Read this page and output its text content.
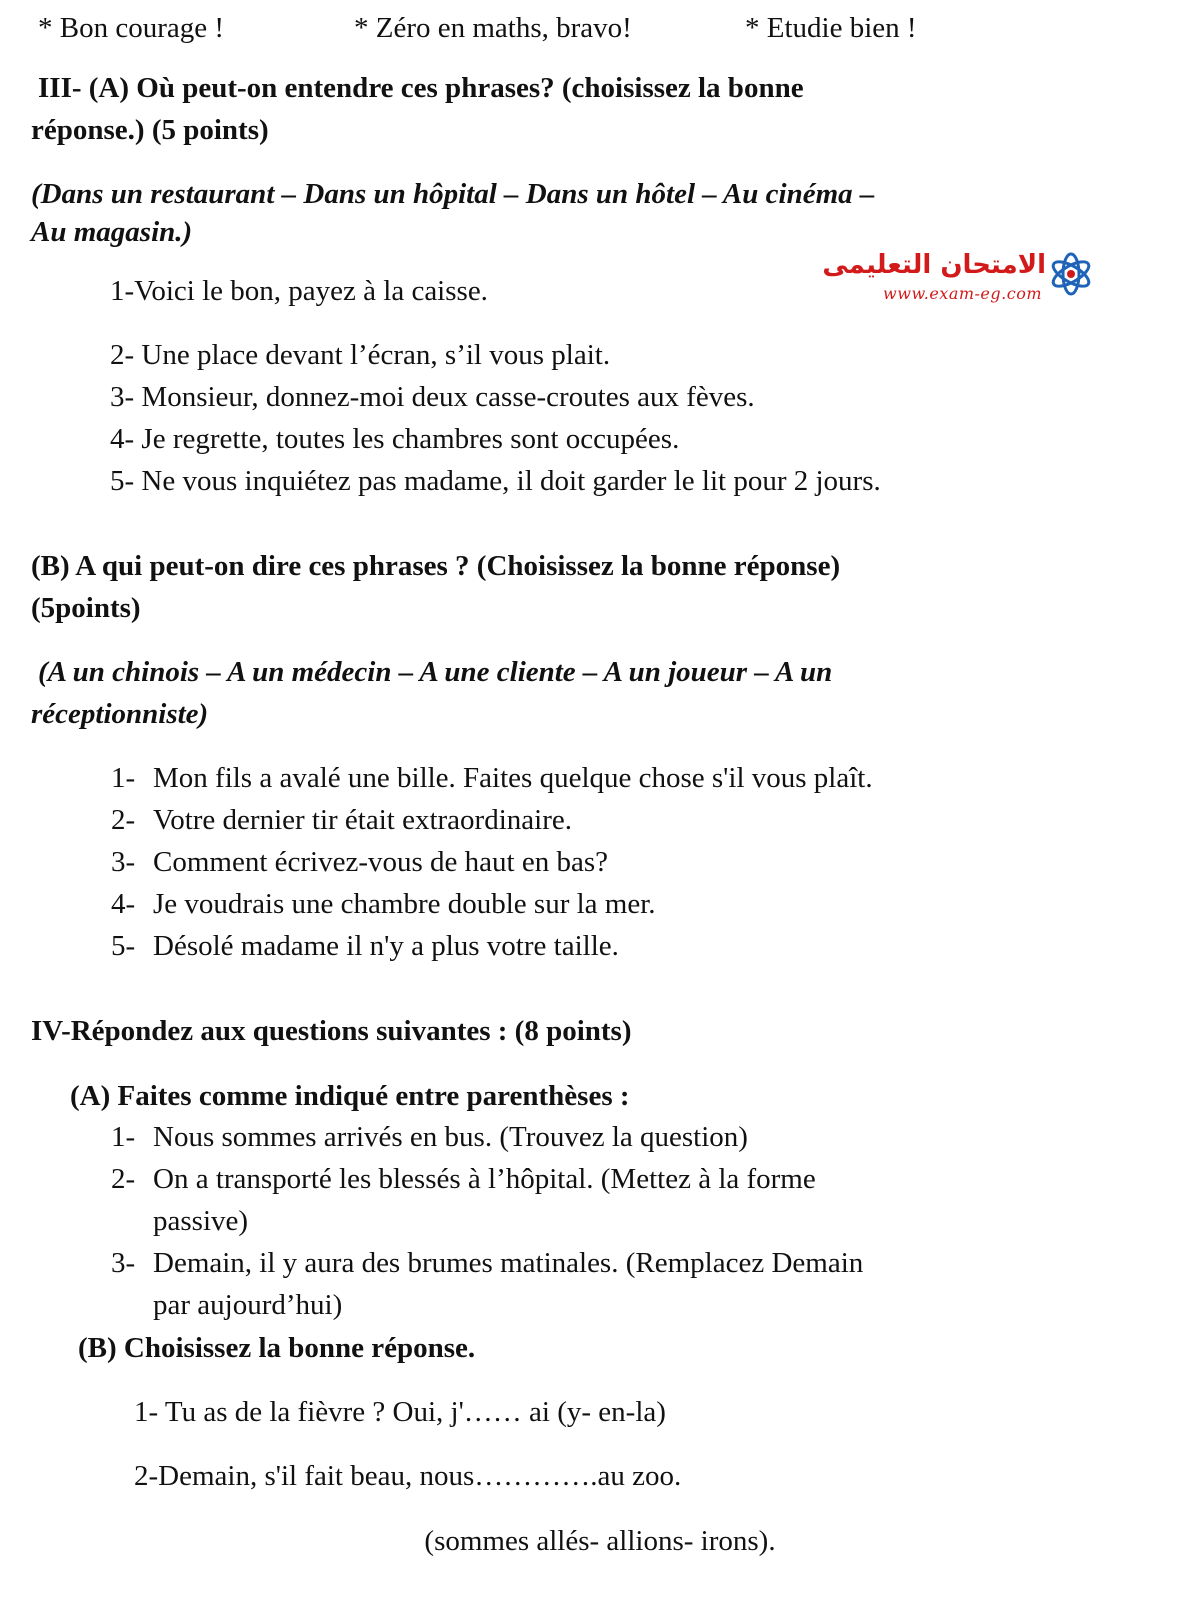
* Bon courage !	* Zéro en maths, bravo!	* Etudie bien !
III- (A) Où peut-on entendre ces phrases? (choisissez la bonne
réponse.) (5 points)
(Dans un restaurant – Dans un hôpital – Dans un hôtel – Au cinéma –
Au magasin.)
1-Voici le bon, payez à la caisse.
الامتحان التعليمى
www.exam-eg.com
2- Une place devant l’écran, s’il vous plait.
3- Monsieur, donnez-moi deux casse-croutes aux fèves.
4- Je regrette, toutes les chambres sont occupées.
5- Ne vous inquiétez pas madame, il doit garder le lit pour 2 jours.
(B) A qui peut-on dire ces phrases ? (Choisissez la bonne réponse)
(5points)
(A un chinois – A un médecin – A une cliente – A un joueur – A un
réceptionniste)
1- Mon fils a avalé une bille. Faites quelque chose s'il vous plaît.
2- Votre dernier tir était extraordinaire.
3- Comment écrivez-vous de haut en bas?
4- Je voudrais une chambre double sur la mer.
5- Désolé madame il n'y a plus votre taille.
IV-Répondez aux questions suivantes : (8 points)
(A) Faites comme indiqué entre parenthèses :
1- Nous sommes arrivés en bus. (Trouvez la question)
2- On a transporté les blessés à l’hôpital. (Mettez à la forme
passive)
3- Demain, il y aura des brumes matinales. (Remplacez Demain
par aujourd’hui)
(B) Choisissez la bonne réponse.
1- Tu as de la fièvre ? Oui, j'…… ai (y- en-la)
2-Demain, s'il fait beau, nous………….au zoo.
(sommes allés- allions- irons).
